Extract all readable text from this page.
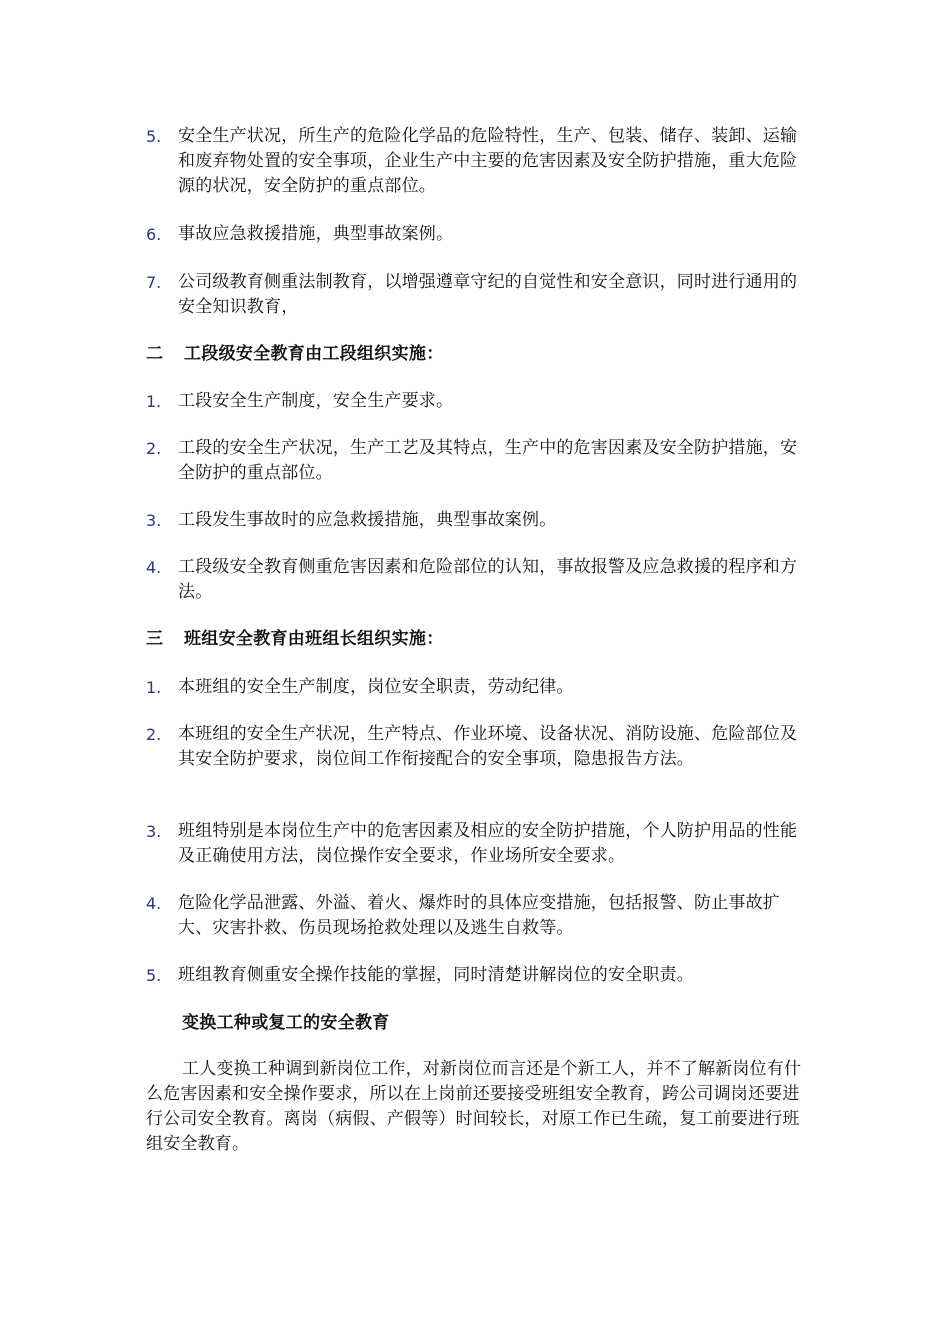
5. 安全生产状况，所生产的危险化学品的危险特性，生产、包装、储存、装卸、运输和废弃物处置的安全事项，企业生产中主要的危害因素及安全防护措施，重大危险源的状况，安全防护的重点部位。
6. 事故应急救援措施，典型事故案例。
7. 公司级教育侧重法制教育，以增强遵章守纪的自觉性和安全意识，同时进行通用的安全知识教育，
二 工段级安全教育由工段组织实施：
1. 工段安全生产制度，安全生产要求。
2. 工段的安全生产状况，生产工艺及其特点，生产中的危害因素及安全防护措施，安全防护的重点部位。
3. 工段发生事故时的应急救援措施，典型事故案例。
4. 工段级安全教育侧重危害因素和危险部位的认知，事故报警及应急救援的程序和方法。
三 班组安全教育由班组长组织实施：
1. 本班组的安全生产制度，岗位安全职责，劳动纪律。
2. 本班组的安全生产状况，生产特点、作业环境、设备状况、消防设施、危险部位及其安全防护要求，岗位间工作衔接配合的安全事项，隐患报告方法。
3. 班组特别是本岗位生产中的危害因素及相应的安全防护措施，个人防护用品的性能及正确使用方法，岗位操作安全要求，作业场所安全要求。
4. 危险化学品泄露、外溢、着火、爆炸时的具体应变措施，包括报警、防止事故扩大、灾害扑救、伤员现场抢救处理以及逃生自救等。
5. 班组教育侧重安全操作技能的掌握，同时清楚讲解岗位的安全职责。
变换工种或复工的安全教育
工人变换工种调到新岗位工作，对新岗位而言还是个新工人，并不了解新岗位有什么危害因素和安全操作要求，所以在上岗前还要接受班组安全教育，跨公司调岗还要进行公司安全教育。离岗（病假、产假等）时间较长，对原工作已生疏，复工前要进行班组安全教育。
